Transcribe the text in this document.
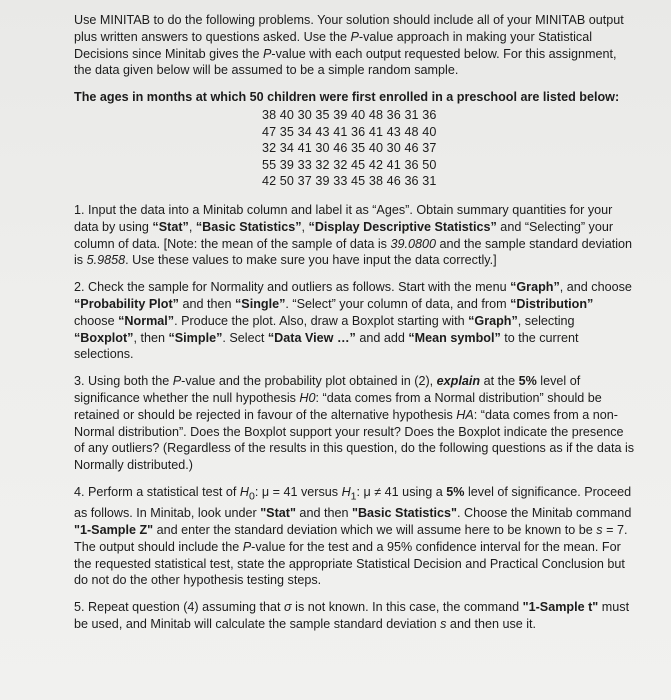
Use MINITAB to do the following problems. Your solution should include all of your MINITAB output plus written answers to questions asked. Use the P-value approach in making your Statistical Decisions since Minitab gives the P-value with each output requested below. For this assignment, the data given below will be assumed to be a simple random sample.

The ages in months at which 50 children were first enrolled in a preschool are listed below:

38 40 30 35 39 40 48 36 31 36
47 35 34 43 41 36 41 43 48 40
32 34 41 30 46 35 40 30 46 37
55 39 33 32 32 45 42 41 36 50
42 50 37 39 33 45 38 46 36 31

1. Input the data into a Minitab column and label it as “Ages”. Obtain summary quantities for your data by using “Stat”, “Basic Statistics”, “Display Descriptive Statistics” and “Selecting” your column of data. [Note: the mean of the sample of data is 39.0800 and the sample standard deviation is 5.9858. Use these values to make sure you have input the data correctly.]

2. Check the sample for Normality and outliers as follows. Start with the menu “Graph”, and choose “Probability Plot” and then “Single”. “Select” your column of data, and from “Distribution” choose “Normal”. Produce the plot. Also, draw a Boxplot starting with “Graph”, selecting “Boxplot”, then “Simple”. Select “Data View …” and add “Mean symbol” to the current selections.

3. Using both the P-value and the probability plot obtained in (2), explain at the 5% level of significance whether the null hypothesis H0: “data comes from a Normal distribution” should be retained or should be rejected in favour of the alternative hypothesis HA: “data comes from a non-Normal distribution”. Does the Boxplot support your result? Does the Boxplot indicate the presence of any outliers? (Regardless of the results in this question, do the following questions as if the data is Normally distributed.)

4. Perform a statistical test of $H_0$: μ = 41 versus $H_1$: μ ≠ 41 using a 5% level of significance. Proceed as follows. In Minitab, look under "Stat" and then "Basic Statistics". Choose the Minitab command "1-Sample Z" and enter the standard deviation which we will assume here to be known to be s = 7. The output should include the P-value for the test and a 95% confidence interval for the mean. For the requested statistical test, state the appropriate Statistical Decision and Practical Conclusion but do not do the other hypothesis testing steps.

5. Repeat question (4) assuming that σ is not known. In this case, the command "1-Sample t" must be used, and Minitab will calculate the sample standard deviation s and then use it.
